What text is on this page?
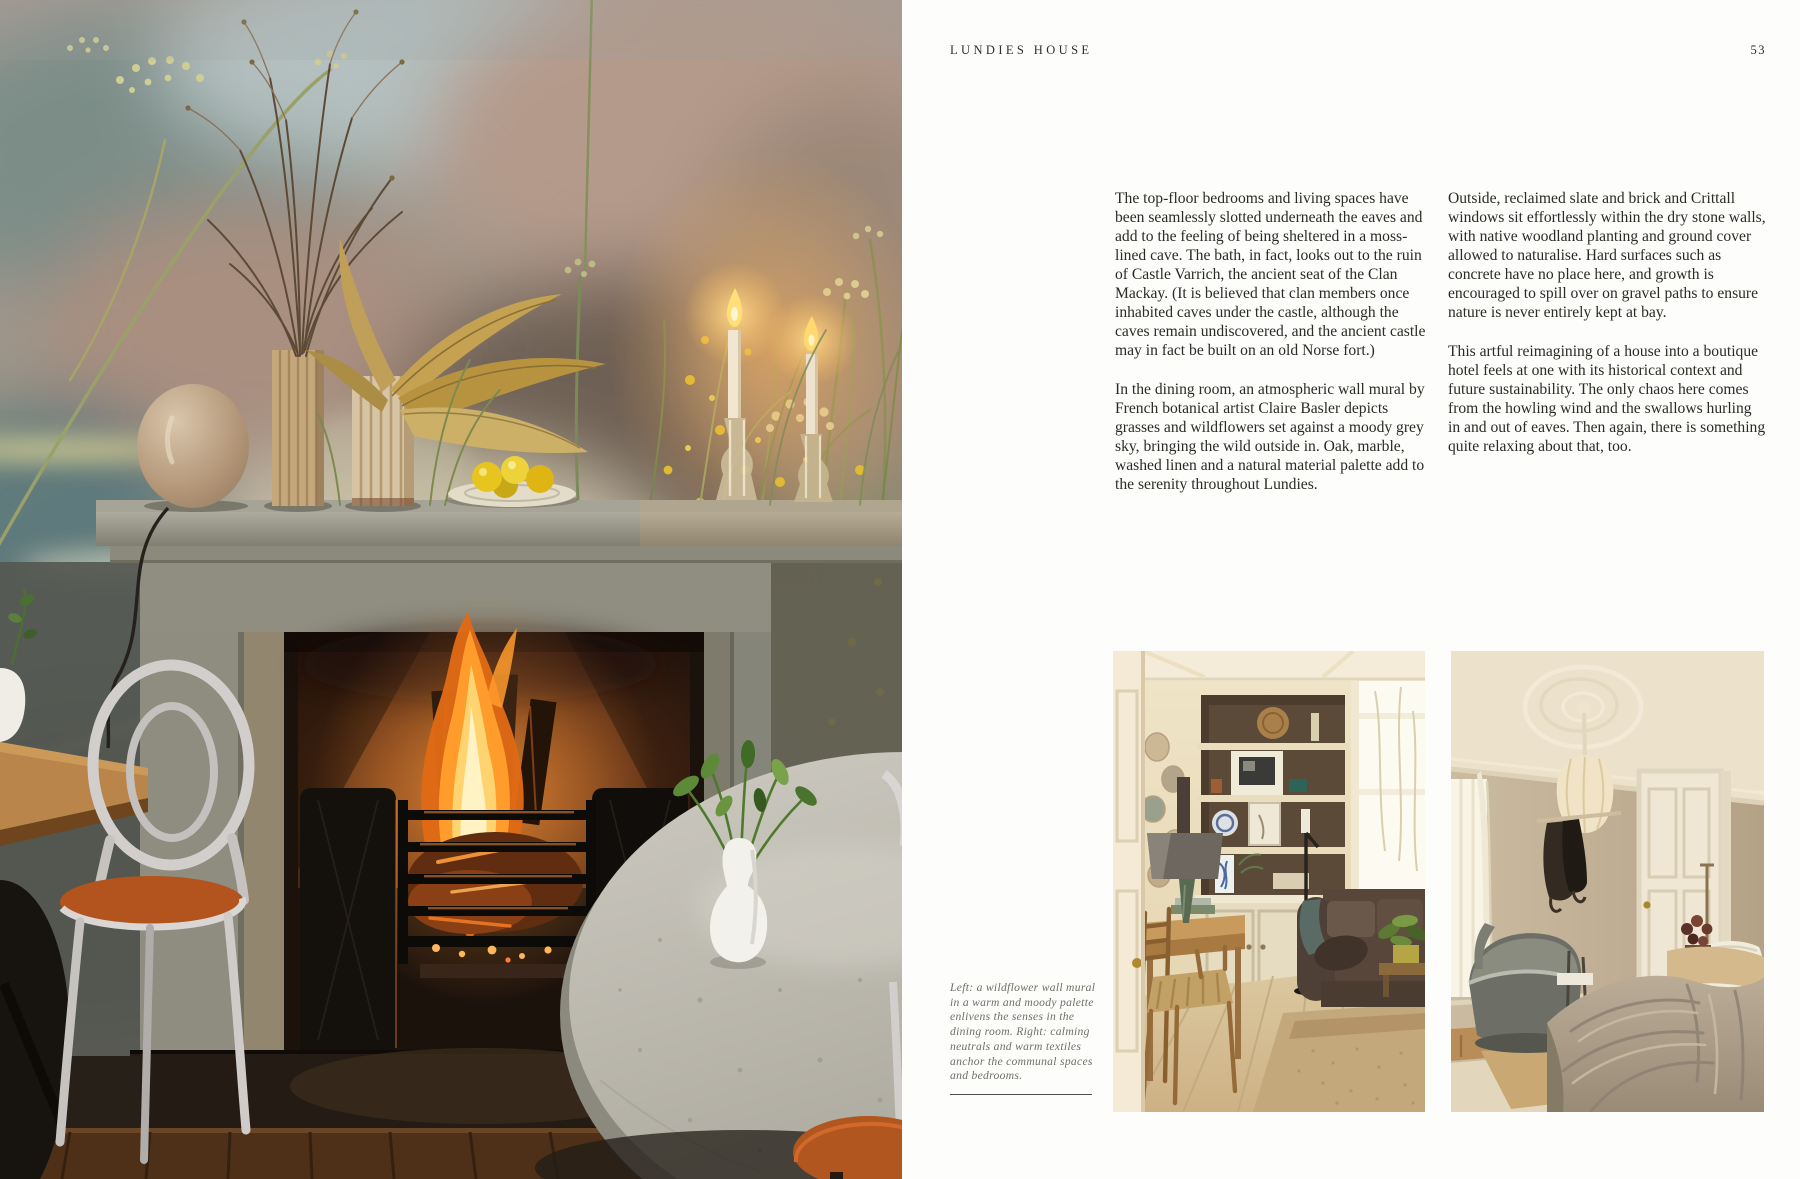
LUNDIES HOUSE	53

The top-floor bedrooms and living spaces have been seamlessly slotted underneath the eaves and add to the feeling of being sheltered in a moss-lined cave. The bath, in fact, looks out to the ruin of Castle Varrich, the ancient seat of the Clan Mackay. (It is believed that clan members once inhabited caves under the castle, although the caves remain undiscovered, and the ancient castle may in fact be built on an old Norse fort.)

In the dining room, an atmospheric wall mural by French botanical artist Claire Basler depicts grasses and wildflowers set against a moody grey sky, bringing the wild outside in. Oak, marble, washed linen and a natural material palette add to the serenity throughout Lundies.

Outside, reclaimed slate and brick and Crittall windows sit effortlessly within the dry stone walls, with native woodland planting and ground cover allowed to naturalise. Hard surfaces such as concrete have no place here, and growth is encouraged to spill over on gravel paths to ensure nature is never entirely kept at bay.

This artful reimagining of a house into a boutique hotel feels at one with its historical context and future sustainability. The only chaos here comes from the howling wind and the swallows hurling in and out of eaves. Then again, there is something quite relaxing about that, too.

Left: a wildflower wall mural in a warm and moody palette enlivens the senses in the dining room. Right: calming neutrals and warm textiles anchor the communal spaces and bedrooms.
